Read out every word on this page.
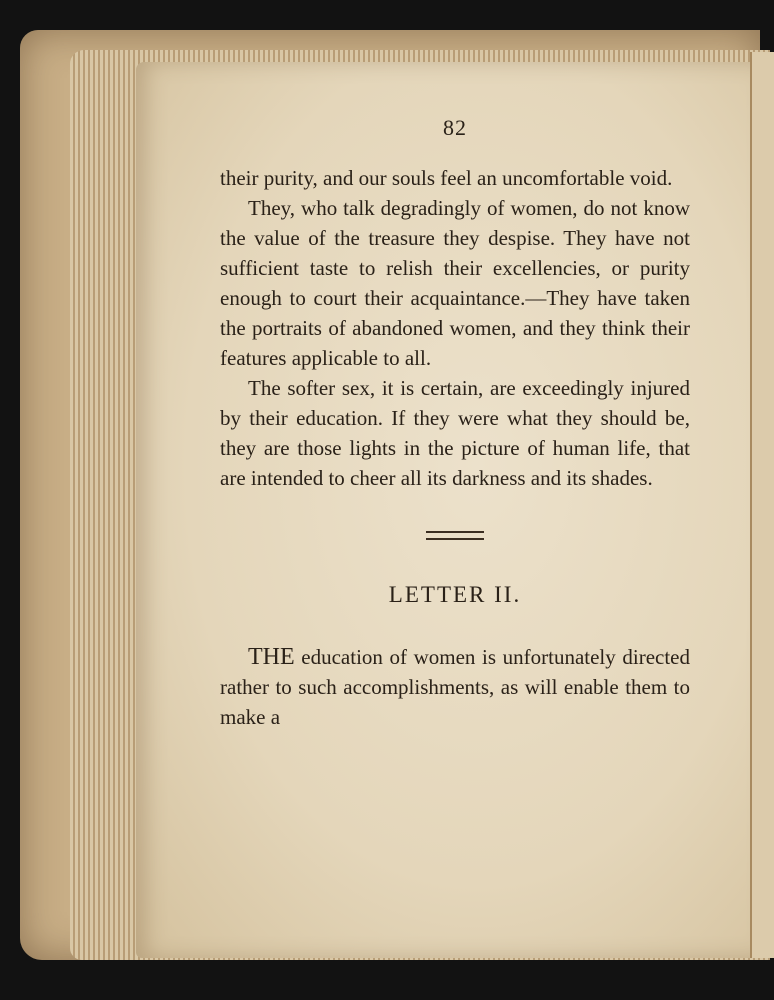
82

their purity, and our souls feel an uncomfortable void.

They, who talk degradingly of women, do not know the value of the treasure they despise. They have not sufficient taste to relish their excellencies, or purity enough to court their acquaintance.—They have taken the portraits of abandoned women, and they think their features applicable to all.

The softer sex, it is certain, are exceedingly injured by their education. If they were what they should be, they are those lights in the picture of human life, that are intended to cheer all its darkness and its shades.

LETTER II.

THE education of women is unfortunately directed rather to such accomplishments, as will enable them to make a
